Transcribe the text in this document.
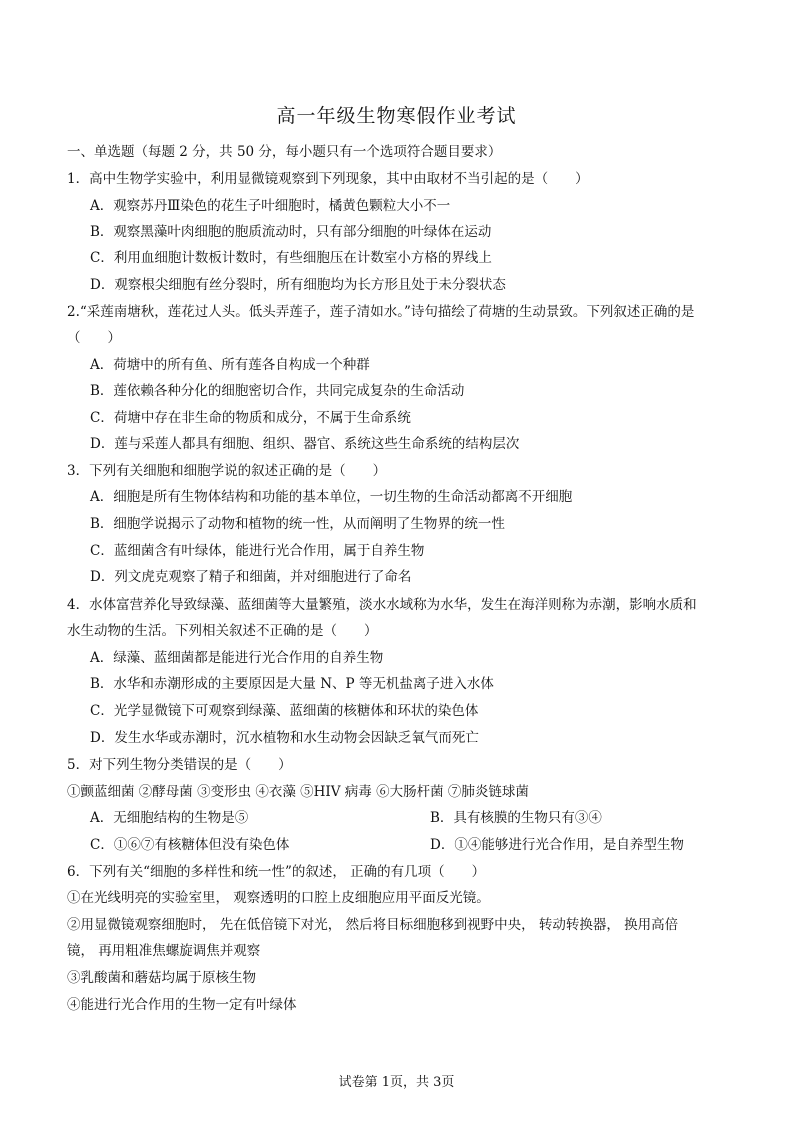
高一年级生物寒假作业考试
一、单选题（每题 2 分，共 50 分，每小题只有一个选项符合题目要求）
1．高中生物学实验中，利用显微镜观察到下列现象，其中由取材不当引起的是（　　）
A．观察苏丹Ⅲ染色的花生子叶细胞时，橘黄色颗粒大小不一
B．观察黑藻叶肉细胞的胞质流动时，只有部分细胞的叶绿体在运动
C．利用血细胞计数板计数时，有些细胞压在计数室小方格的界线上
D．观察根尖细胞有丝分裂时，所有细胞均为长方形且处于未分裂状态
2.“采莲南塘秋，莲花过人头。低头弄莲子，莲子清如水。”诗句描绘了荷塘的生动景致。下列叙述正确的是
（　　）
A．荷塘中的所有鱼、所有莲各自构成一个种群
B．莲依赖各种分化的细胞密切合作，共同完成复杂的生命活动
C．荷塘中存在非生命的物质和成分，不属于生命系统
D．莲与采莲人都具有细胞、组织、器官、系统这些生命系统的结构层次
3．下列有关细胞和细胞学说的叙述正确的是（　　）
A．细胞是所有生物体结构和功能的基本单位，一切生物的生命活动都离不开细胞
B．细胞学说揭示了动物和植物的统一性，从而阐明了生物界的统一性
C．蓝细菌含有叶绿体，能进行光合作用，属于自养生物
D．列文虎克观察了精子和细菌，并对细胞进行了命名
4．水体富营养化导致绿藻、蓝细菌等大量繁殖，淡水水域称为水华，发生在海洋则称为赤潮，影响水质和
水生动物的生活。下列相关叙述不正确的是（　　）
A．绿藻、蓝细菌都是能进行光合作用的自养生物
B．水华和赤潮形成的主要原因是大量 N、P 等无机盐离子进入水体
C．光学显微镜下可观察到绿藻、蓝细菌的核糖体和环状的染色体
D．发生水华或赤潮时，沉水植物和水生动物会因缺乏氧气而死亡
5．对下列生物分类错误的是（　　）
①颤蓝细菌 ②酵母菌 ③变形虫 ④衣藻 ⑤HIV 病毒 ⑥大肠杆菌 ⑦肺炎链球菌
A．无细胞结构的生物是⑤	B．具有核膜的生物只有③④
C．①⑥⑦有核糖体但没有染色体	D．①④能够进行光合作用，是自养型生物
6．下列有关“细胞的多样性和统一性”的叙述， 正确的有几项（　　）
①在光线明亮的实验室里， 观察透明的口腔上皮细胞应用平面反光镜。
②用显微镜观察细胞时， 先在低倍镜下对光， 然后将目标细胞移到视野中央， 转动转换器， 换用高倍
镜， 再用粗准焦螺旋调焦并观察
③乳酸菌和蘑菇均属于原核生物
④能进行光合作用的生物一定有叶绿体
试卷第 1页，共 3页
